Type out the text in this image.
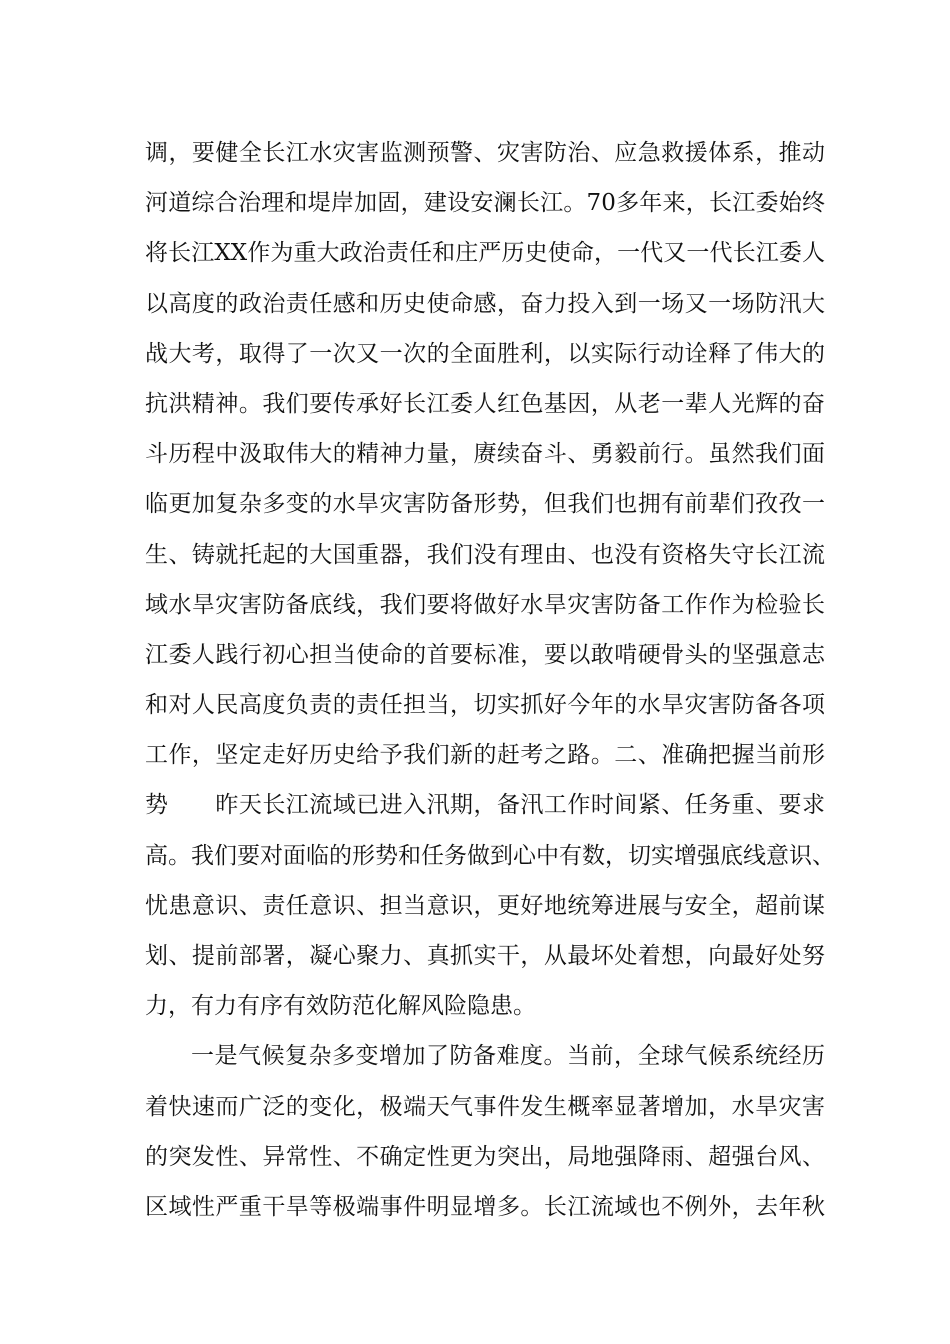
调，要健全长江水灾害监测预警、灾害防治、应急救援体系，推动
河道综合治理和堤岸加固，建设安澜长江。70多年来，长江委始终
将长江XX作为重大政治责任和庄严历史使命，一代又一代长江委人
以高度的政治责任感和历史使命感，奋力投入到一场又一场防汛大
战大考，取得了一次又一次的全面胜利，以实际行动诠释了伟大的
抗洪精神。我们要传承好长江委人红色基因，从老一辈人光辉的奋
斗历程中汲取伟大的精神力量，赓续奋斗、勇毅前行。虽然我们面
临更加复杂多变的水旱灾害防备形势，但我们也拥有前辈们孜孜一
生、铸就托起的大国重器，我们没有理由、也没有资格失守长江流
域水旱灾害防备底线，我们要将做好水旱灾害防备工作作为检验长
江委人践行初心担当使命的首要标准，要以敢啃硬骨头的坚强意志
和对人民高度负责的责任担当，切实抓好今年的水旱灾害防备各项
工作，坚定走好历史给予我们新的赶考之路。二、准确把握当前形
势　　昨天长江流域已进入汛期，备汛工作时间紧、任务重、要求
高。我们要对面临的形势和任务做到心中有数，切实增强底线意识、
忧患意识、责任意识、担当意识，更好地统筹进展与安全，超前谋
划、提前部署，凝心聚力、真抓实干，从最坏处着想，向最好处努
力，有力有序有效防范化解风险隐患。
一是气候复杂多变增加了防备难度。当前，全球气候系统经历
着快速而广泛的变化，极端天气事件发生概率显著增加，水旱灾害
的突发性、异常性、不确定性更为突出，局地强降雨、超强台风、
区域性严重干旱等极端事件明显增多。长江流域也不例外，去年秋
